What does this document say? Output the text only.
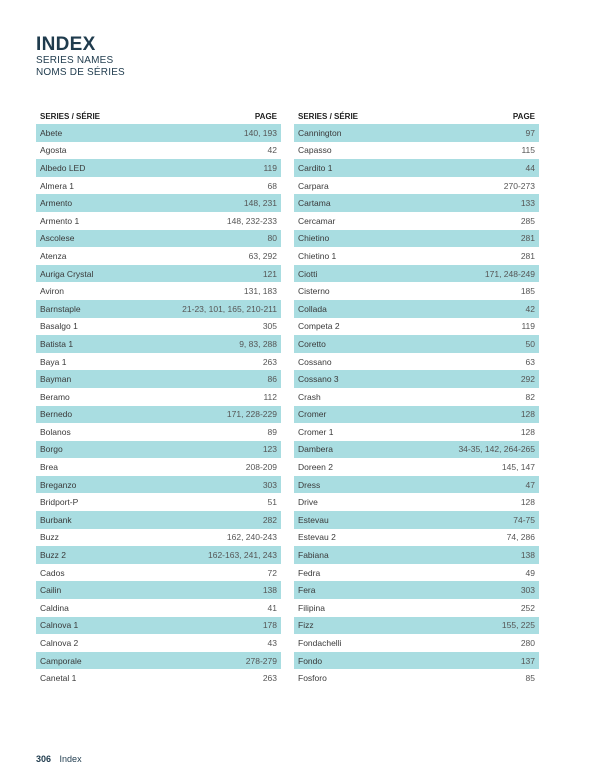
INDEX
SERIES NAMES
NOMS DE SÉRIES
SERIES / SÉRIE	PAGE
Abete	140, 193
Agosta	42
Albedo LED	119
Almera 1	68
Armento	148, 231
Armento 1	148, 232-233
Ascolese	80
Atenza	63, 292
Auriga Crystal	121
Aviron	131, 183
Barnstaple	21-23, 101, 165, 210-211
Basalgo 1	305
Batista 1	9, 83, 288
Baya 1	263
Bayman	86
Beramo	112
Bernedo	171, 228-229
Bolanos	89
Borgo	123
Brea	208-209
Breganzo	303
Bridport-P	51
Burbank	282
Buzz	162, 240-243
Buzz 2	162-163, 241, 243
Cados	72
Cailin	138
Caldina	41
Calnova 1	178
Calnova 2	43
Camporale	278-279
Canetal 1	263
SERIES / SÉRIE	PAGE
Cannington	97
Capasso	115
Cardito 1	44
Carpara	270-273
Cartama	133
Cercamar	285
Chietino	281
Chietino 1	281
Ciotti	171, 248-249
Cisterno	185
Collada	42
Competa 2	119
Coretto	50
Cossano	63
Cossano 3	292
Crash	82
Cromer	128
Cromer 1	128
Dambera	34-35, 142, 264-265
Doreen 2	145, 147
Dress	47
Drive	128
Estevau	74-75
Estevau 2	74, 286
Fabiana	138
Fedra	49
Fera	303
Filipina	252
Fizz	155, 225
Fondachelli	280
Fondo	137
Fosforo	85
306 Index
